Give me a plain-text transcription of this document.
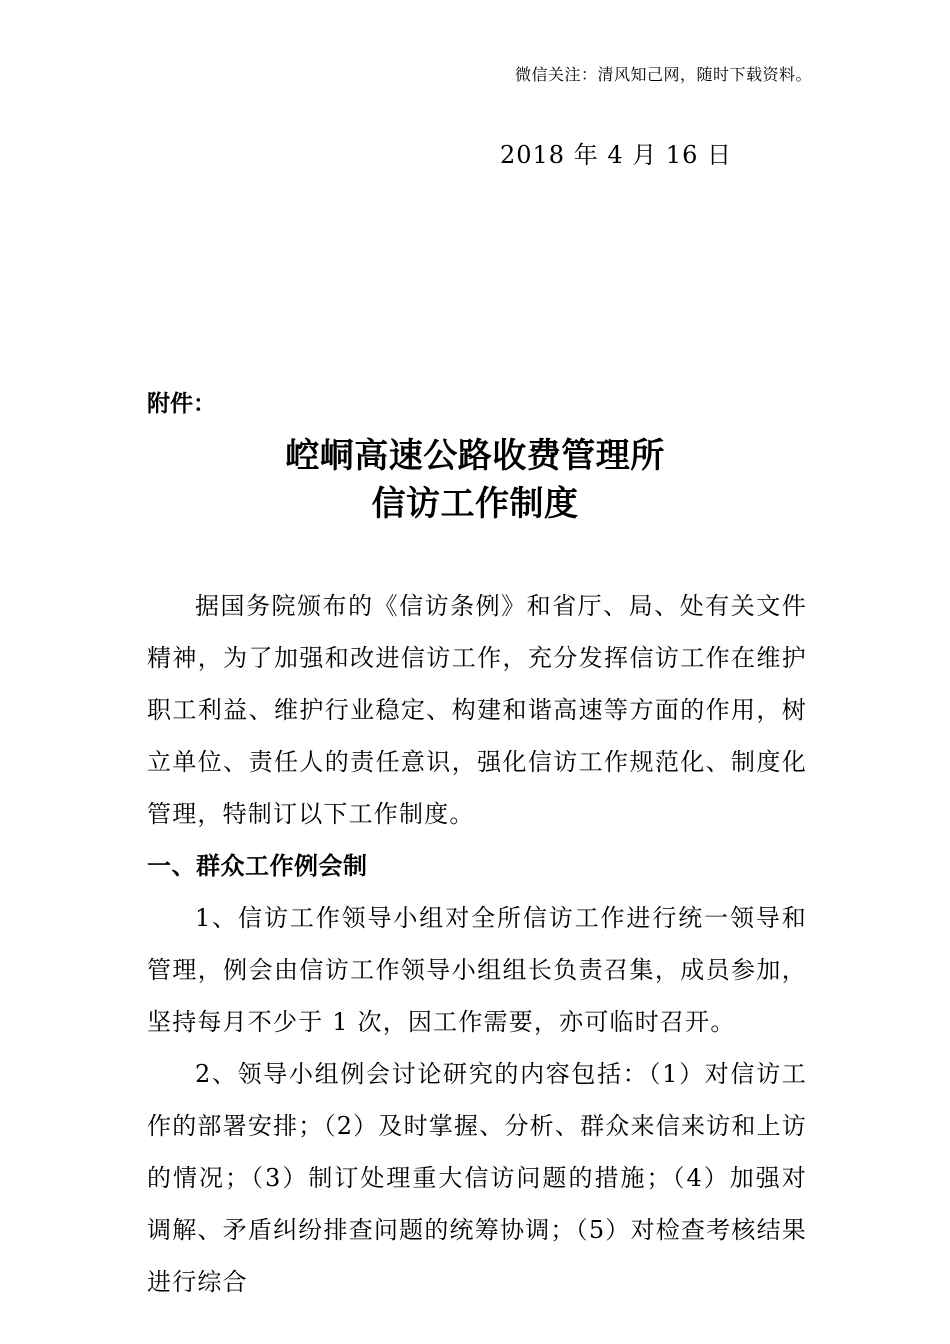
微信关注：清风知己网，随时下载资料。
2018 年 4 月 16 日
附件：
崆峒高速公路收费管理所
信访工作制度

据国务院颁布的《信访条例》和省厅、局、处有关文件精神，为了加强和改进信访工作，充分发挥信访工作在维护职工利益、维护行业稳定、构建和谐高速等方面的作用，树立单位、责任人的责任意识，强化信访工作规范化、制度化管理，特制订以下工作制度。

一、群众工作例会制

1、信访工作领导小组对全所信访工作进行统一领导和管理，例会由信访工作领导小组组长负责召集，成员参加，坚持每月不少于 1 次，因工作需要，亦可临时召开。

2、领导小组例会讨论研究的内容包括：（1）对信访工作的部署安排；（2）及时掌握、分析、群众来信来访和上访的情况；（3）制订处理重大信访问题的措施；（4）加强对调解、矛盾纠纷排查问题的统筹协调；（5）对检查考核结果进行综合
